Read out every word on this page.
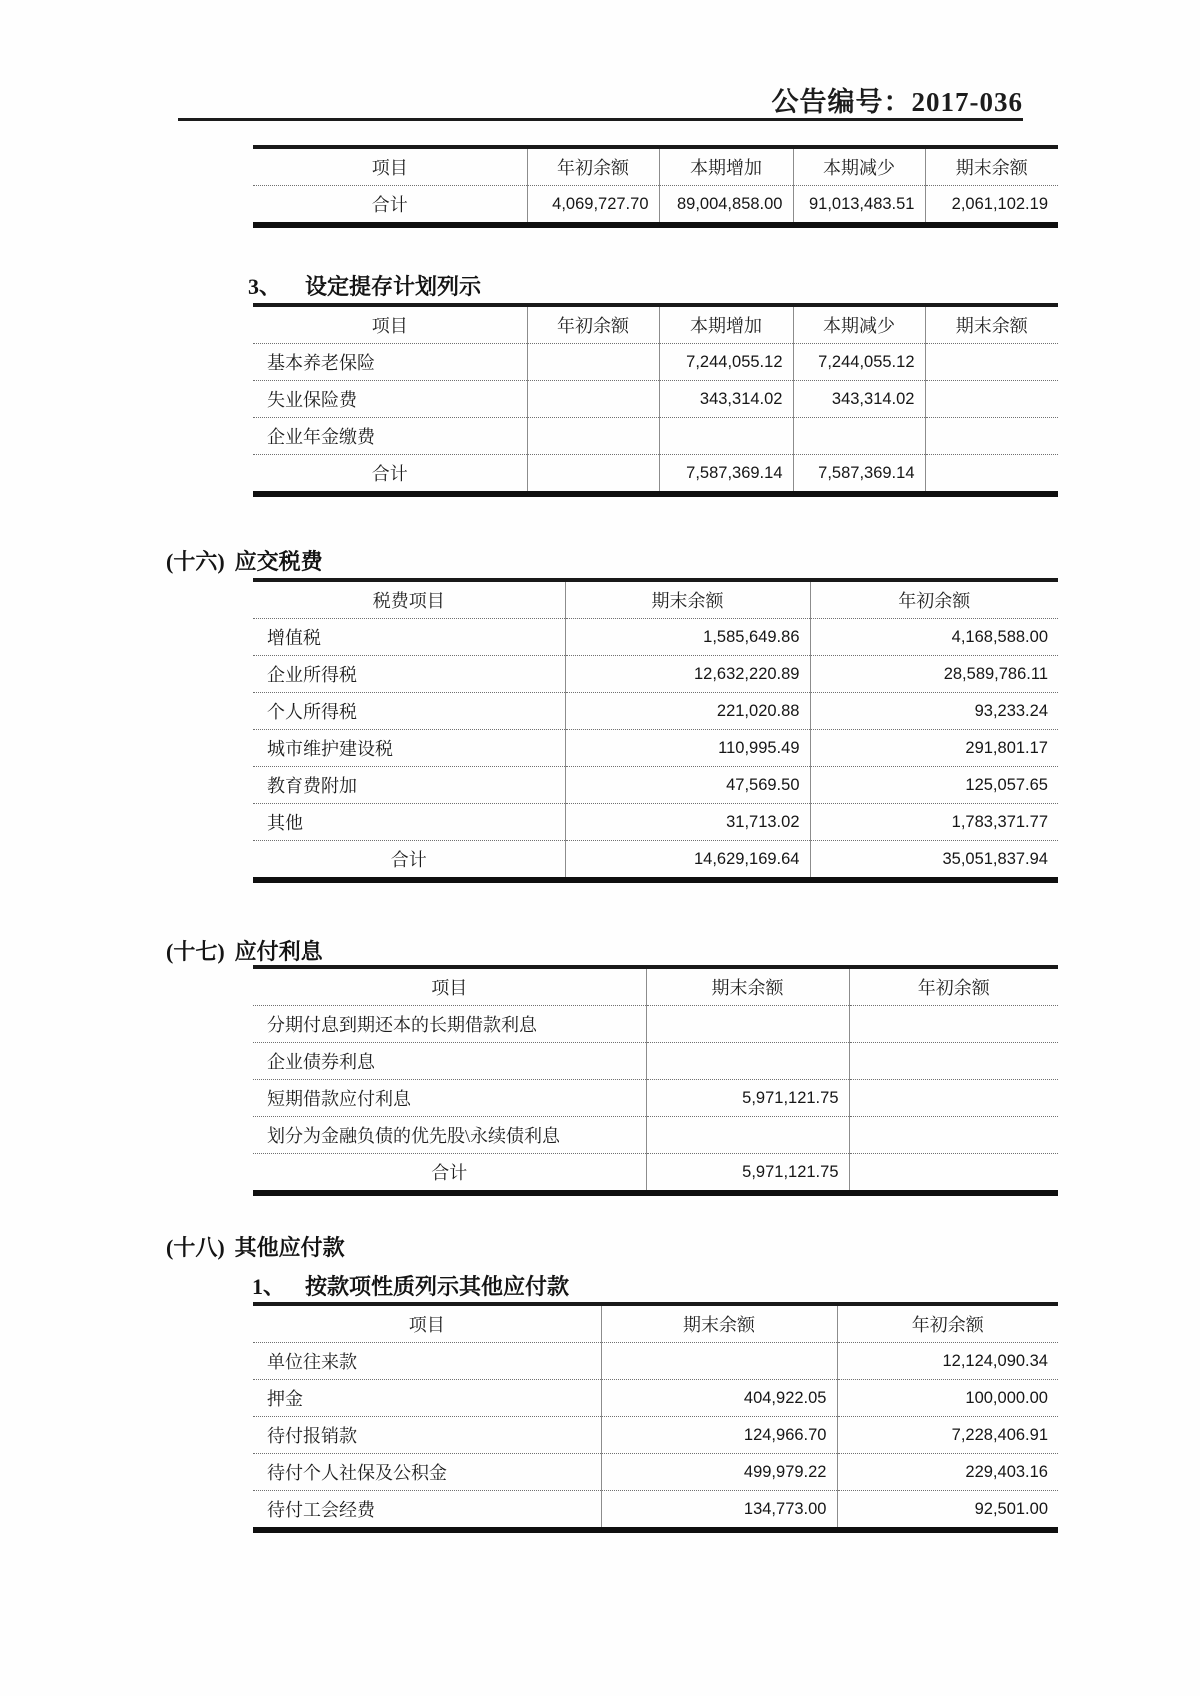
公告编号：2017-036
项目	年初余额	本期增加	本期减少	期末余额
合计	4,069,727.70	89,004,858.00	91,013,483.51	2,061,102.19
3、 设定提存计划列示
项目	年初余额	本期增加	本期减少	期末余额
基本养老保险		7,244,055.12	7,244,055.12	
失业保险费		343,314.02	343,314.02	
企业年金缴费				
合计		7,587,369.14	7,587,369.14	
(十六) 应交税费
税费项目	期末余额	年初余额
增值税	1,585,649.86	4,168,588.00
企业所得税	12,632,220.89	28,589,786.11
个人所得税	221,020.88	93,233.24
城市维护建设税	110,995.49	291,801.17
教育费附加	47,569.50	125,057.65
其他	31,713.02	1,783,371.77
合计	14,629,169.64	35,051,837.94
(十七) 应付利息
项目	期末余额	年初余额
分期付息到期还本的长期借款利息		
企业债券利息		
短期借款应付利息	5,971,121.75	
划分为金融负债的优先股\永续债利息		
合计	5,971,121.75	
(十八) 其他应付款
1、 按款项性质列示其他应付款
项目	期末余额	年初余额
单位往来款		12,124,090.34
押金	404,922.05	100,000.00
待付报销款	124,966.70	7,228,406.91
待付个人社保及公积金	499,979.22	229,403.16
待付工会经费	134,773.00	92,501.00
